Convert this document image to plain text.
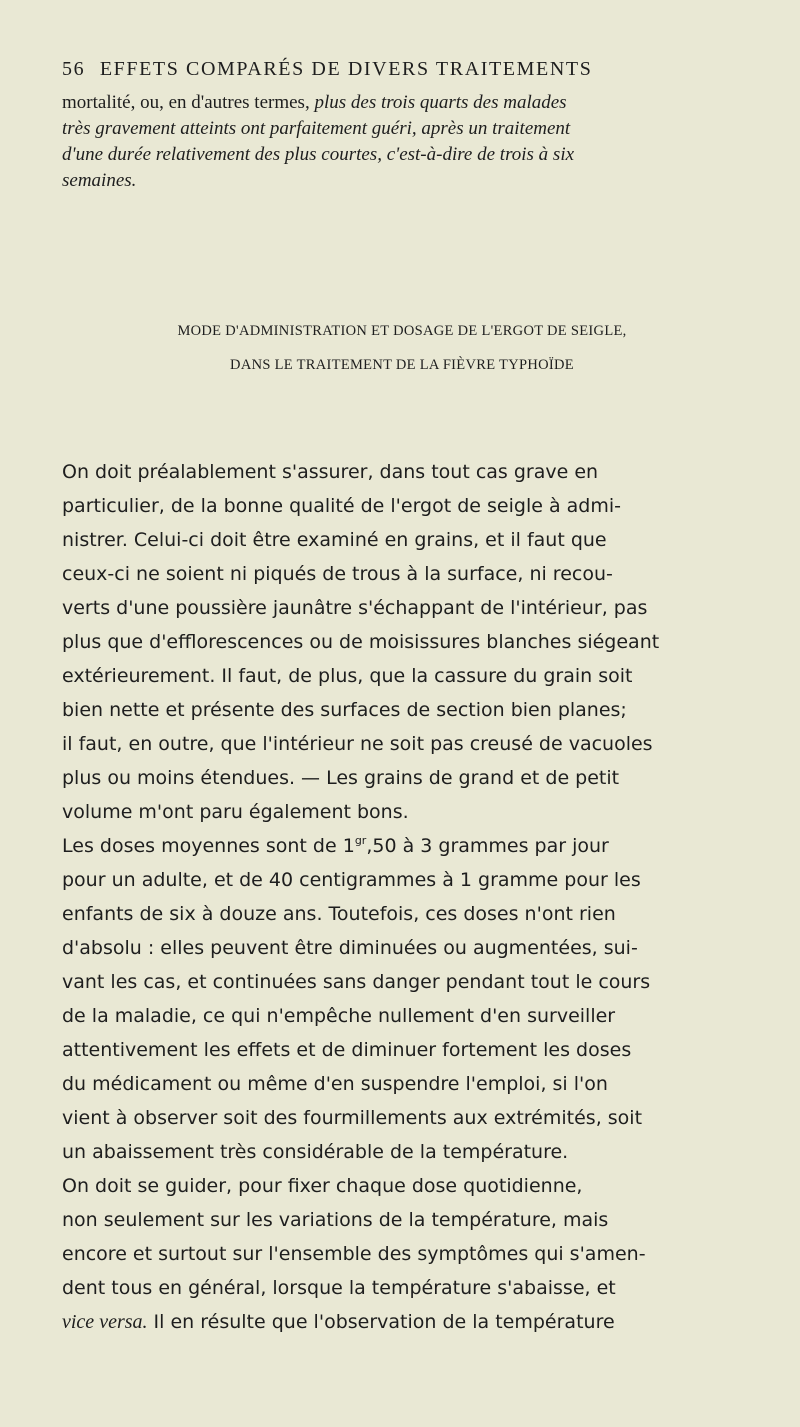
56 EFFETS COMPARÉS DE DIVERS TRAITEMENTS
mortalité, ou, en d'autres termes, plus des trois quarts des malades
très gravement atteints ont parfaitement guéri, après un traitement
d'une durée relativement des plus courtes, c'est-à-dire de trois à six
semaines.
MODE D'ADMINISTRATION ET DOSAGE DE L'ERGOT DE SEIGLE,
DANS LE TRAITEMENT DE LA FIÈVRE TYPHOÏDE
On doit préalablement s'assurer, dans tout cas grave en
particulier, de la bonne qualité de l'ergot de seigle à admi-
nistrer. Celui-ci doit être examiné en grains, et il faut que
ceux-ci ne soient ni piqués de trous à la surface, ni recou-
verts d'une poussière jaunâtre s'échappant de l'intérieur, pas
plus que d'efflorescences ou de moisissures blanches siégeant
extérieurement. Il faut, de plus, que la cassure du grain soit
bien nette et présente des surfaces de section bien planes;
il faut, en outre, que l'intérieur ne soit pas creusé de vacuoles
plus ou moins étendues. — Les grains de grand et de petit
volume m'ont paru également bons.
Les doses moyennes sont de $1^{gr},50$ à 3 grammes par jour
pour un adulte, et de 40 centigrammes à 1 gramme pour les
enfants de six à douze ans. Toutefois, ces doses n'ont rien
d'absolu : elles peuvent être diminuées ou augmentées, sui-
vant les cas, et continuées sans danger pendant tout le cours
de la maladie, ce qui n'empêche nullement d'en surveiller
attentivement les effets et de diminuer fortement les doses
du médicament ou même d'en suspendre l'emploi, si l'on
vient à observer soit des fourmillements aux extrémités, soit
un abaissement très considérable de la température.
On doit se guider, pour fixer chaque dose quotidienne,
non seulement sur les variations de la température, mais
encore et surtout sur l'ensemble des symptômes qui s'amen-
dent tous en général, lorsque la température s'abaisse, et
vice versa. Il en résulte que l'observation de la température
